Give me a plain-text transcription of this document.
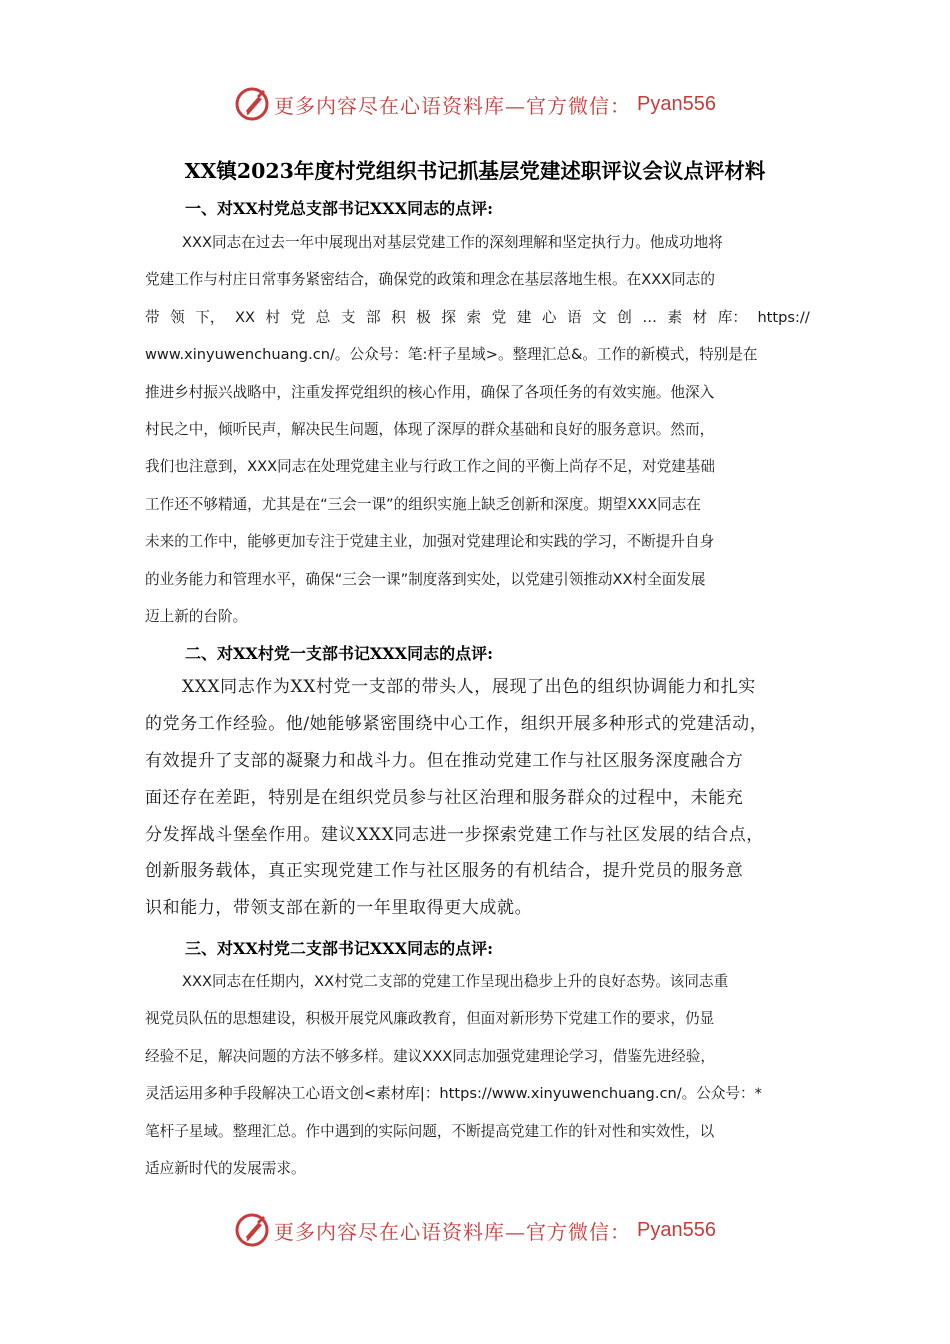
更多内容尽在心语资料库—官方微信： Pyan556
XX镇2023年度村党组织书记抓基层党建述职评议会议点评材料
一、对XX村党总支部书记XXX同志的点评:
XXX同志在过去一年中展现出对基层党建工作的深刻理解和坚定执行力。他成功地将
党建工作与村庄日常事务紧密结合，确保党的政策和理念在基层落地生根。在XXX同志的
带 领 下， XX 村 党 总 支 部 积 极 探 索 党 建 心 语 文 创 … 素 材 库： https://
www.xinyuwenchuang.cn/。公众号：笔:杆子星域>。整理汇总&。工作的新模式，特别是在
推进乡村振兴战略中，注重发挥党组织的核心作用，确保了各项任务的有效实施。他深入
村民之中，倾听民声，解决民生问题，体现了深厚的群众基础和良好的服务意识。然而，
我们也注意到，XXX同志在处理党建主业与行政工作之间的平衡上尚存不足，对党建基础
工作还不够精通，尤其是在“三会一课”的组织实施上缺乏创新和深度。期望XXX同志在
未来的工作中，能够更加专注于党建主业，加强对党建理论和实践的学习，不断提升自身
的业务能力和管理水平，确保“三会一课”制度落到实处，以党建引领推动XX村全面发展
迈上新的台阶。
二、对XX村党一支部书记XXX同志的点评:
XXX同志作为XX村党一支部的带头人，展现了出色的组织协调能力和扎实
的党务工作经验。他/她能够紧密围绕中心工作，组织开展多种形式的党建活动，
有效提升了支部的凝聚力和战斗力。但在推动党建工作与社区服务深度融合方
面还存在差距，特别是在组织党员参与社区治理和服务群众的过程中，未能充
分发挥战斗堡垒作用。建议XXX同志进一步探索党建工作与社区发展的结合点，
创新服务载体，真正实现党建工作与社区服务的有机结合，提升党员的服务意
识和能力，带领支部在新的一年里取得更大成就。
三、对XX村党二支部书记XXX同志的点评:
XXX同志在任期内，XX村党二支部的党建工作呈现出稳步上升的良好态势。该同志重
视党员队伍的思想建设，积极开展党风廉政教育，但面对新形势下党建工作的要求，仍显
经验不足，解决问题的方法不够多样。建议XXX同志加强党建理论学习，借鉴先进经验，
灵活运用多种手段解决工心语文创<素材库|：https://www.xinyuwenchuang.cn/。公众号：*
笔杆子星域。整理汇总。作中遇到的实际问题，不断提高党建工作的针对性和实效性，以
适应新时代的发展需求。
更多内容尽在心语资料库—官方微信： Pyan556
